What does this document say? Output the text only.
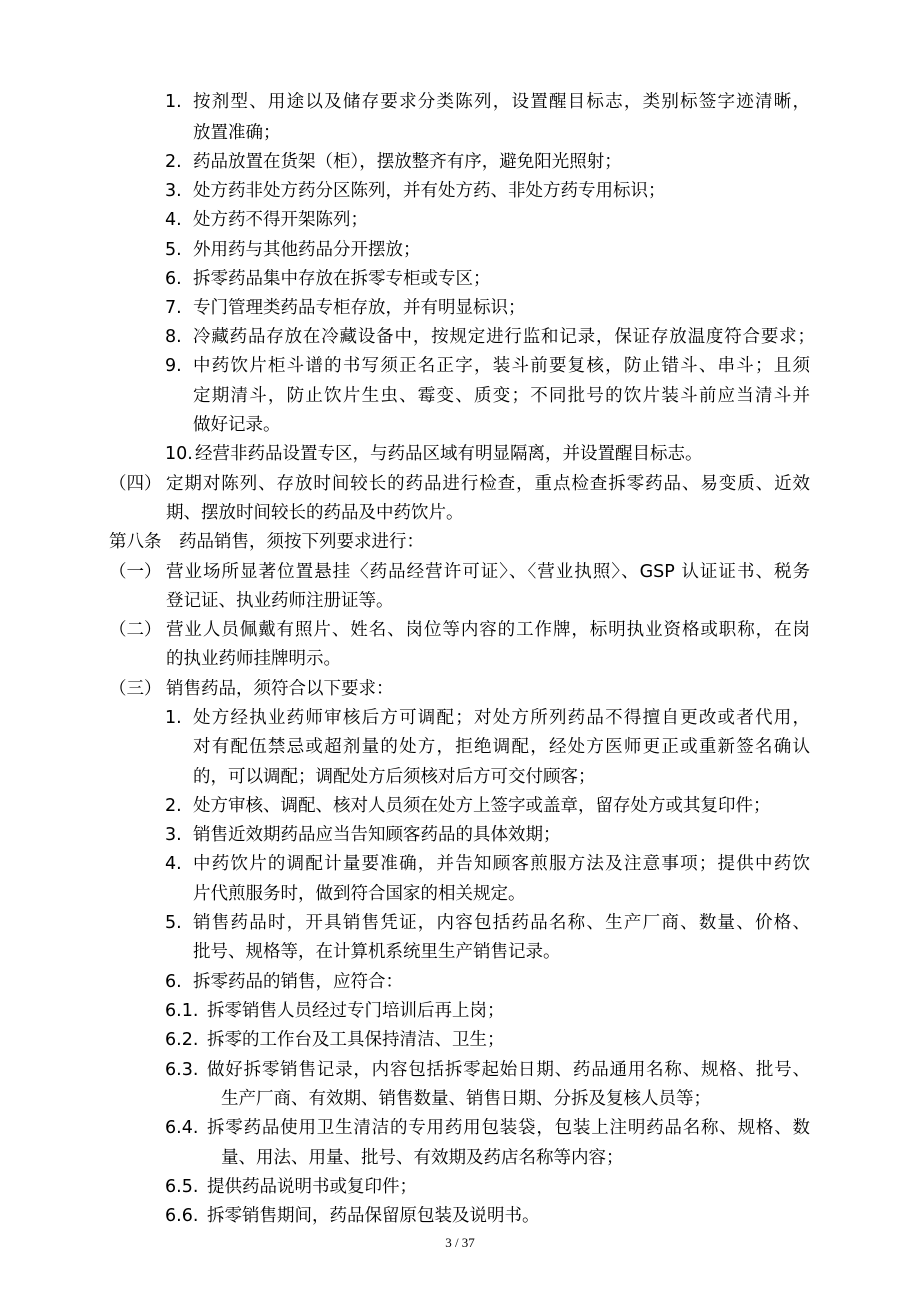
1. 按剂型、用途以及储存要求分类陈列，设置醒目标志，类别标签字迹清晰，
放置准确；
2. 药品放置在货架（柜），摆放整齐有序，避免阳光照射；
3. 处方药非处方药分区陈列，并有处方药、非处方药专用标识；
4. 处方药不得开架陈列；
5. 外用药与其他药品分开摆放；
6. 拆零药品集中存放在拆零专柜或专区；
7. 专门管理类药品专柜存放，并有明显标识；
8. 冷藏药品存放在冷藏设备中，按规定进行监和记录，保证存放温度符合要求；
9. 中药饮片柜斗谱的书写须正名正字，装斗前要复核，防止错斗、串斗；且须
定期清斗，防止饮片生虫、霉变、质变；不同批号的饮片装斗前应当清斗并
做好记录。
10. 经营非药品设置专区，与药品区域有明显隔离，并设置醒目标志。
（四） 定期对陈列、存放时间较长的药品进行检查，重点检查拆零药品、易变质、近效
期、摆放时间较长的药品及中药饮片。
第八条　药品销售，须按下列要求进行：
（一） 营业场所显著位置悬挂〈药品经营许可证〉、〈营业执照〉、GSP 认证证书、税务
登记证、执业药师注册证等。
（二） 营业人员佩戴有照片、姓名、岗位等内容的工作牌，标明执业资格或职称，在岗
的执业药师挂牌明示。
（三） 销售药品，须符合以下要求：
1. 处方经执业药师审核后方可调配；对处方所列药品不得擅自更改或者代用，
对有配伍禁忌或超剂量的处方，拒绝调配，经处方医师更正或重新签名确认
的，可以调配；调配处方后须核对后方可交付顾客；
2. 处方审核、调配、核对人员须在处方上签字或盖章，留存处方或其复印件；
3. 销售近效期药品应当告知顾客药品的具体效期；
4. 中药饮片的调配计量要准确，并告知顾客煎服方法及注意事项；提供中药饮
片代煎服务时，做到符合国家的相关规定。
5. 销售药品时，开具销售凭证，内容包括药品名称、生产厂商、数量、价格、
批号、规格等，在计算机系统里生产销售记录。
6. 拆零药品的销售，应符合：
6.1. 拆零销售人员经过专门培训后再上岗；
6.2. 拆零的工作台及工具保持清洁、卫生；
6.3. 做好拆零销售记录，内容包括拆零起始日期、药品通用名称、规格、批号、
生产厂商、有效期、销售数量、销售日期、分拆及复核人员等；
6.4. 拆零药品使用卫生清洁的专用药用包装袋，包装上注明药品名称、规格、数
量、用法、用量、批号、有效期及药店名称等内容；
6.5. 提供药品说明书或复印件；
6.6. 拆零销售期间，药品保留原包装及说明书。
3 / 37
